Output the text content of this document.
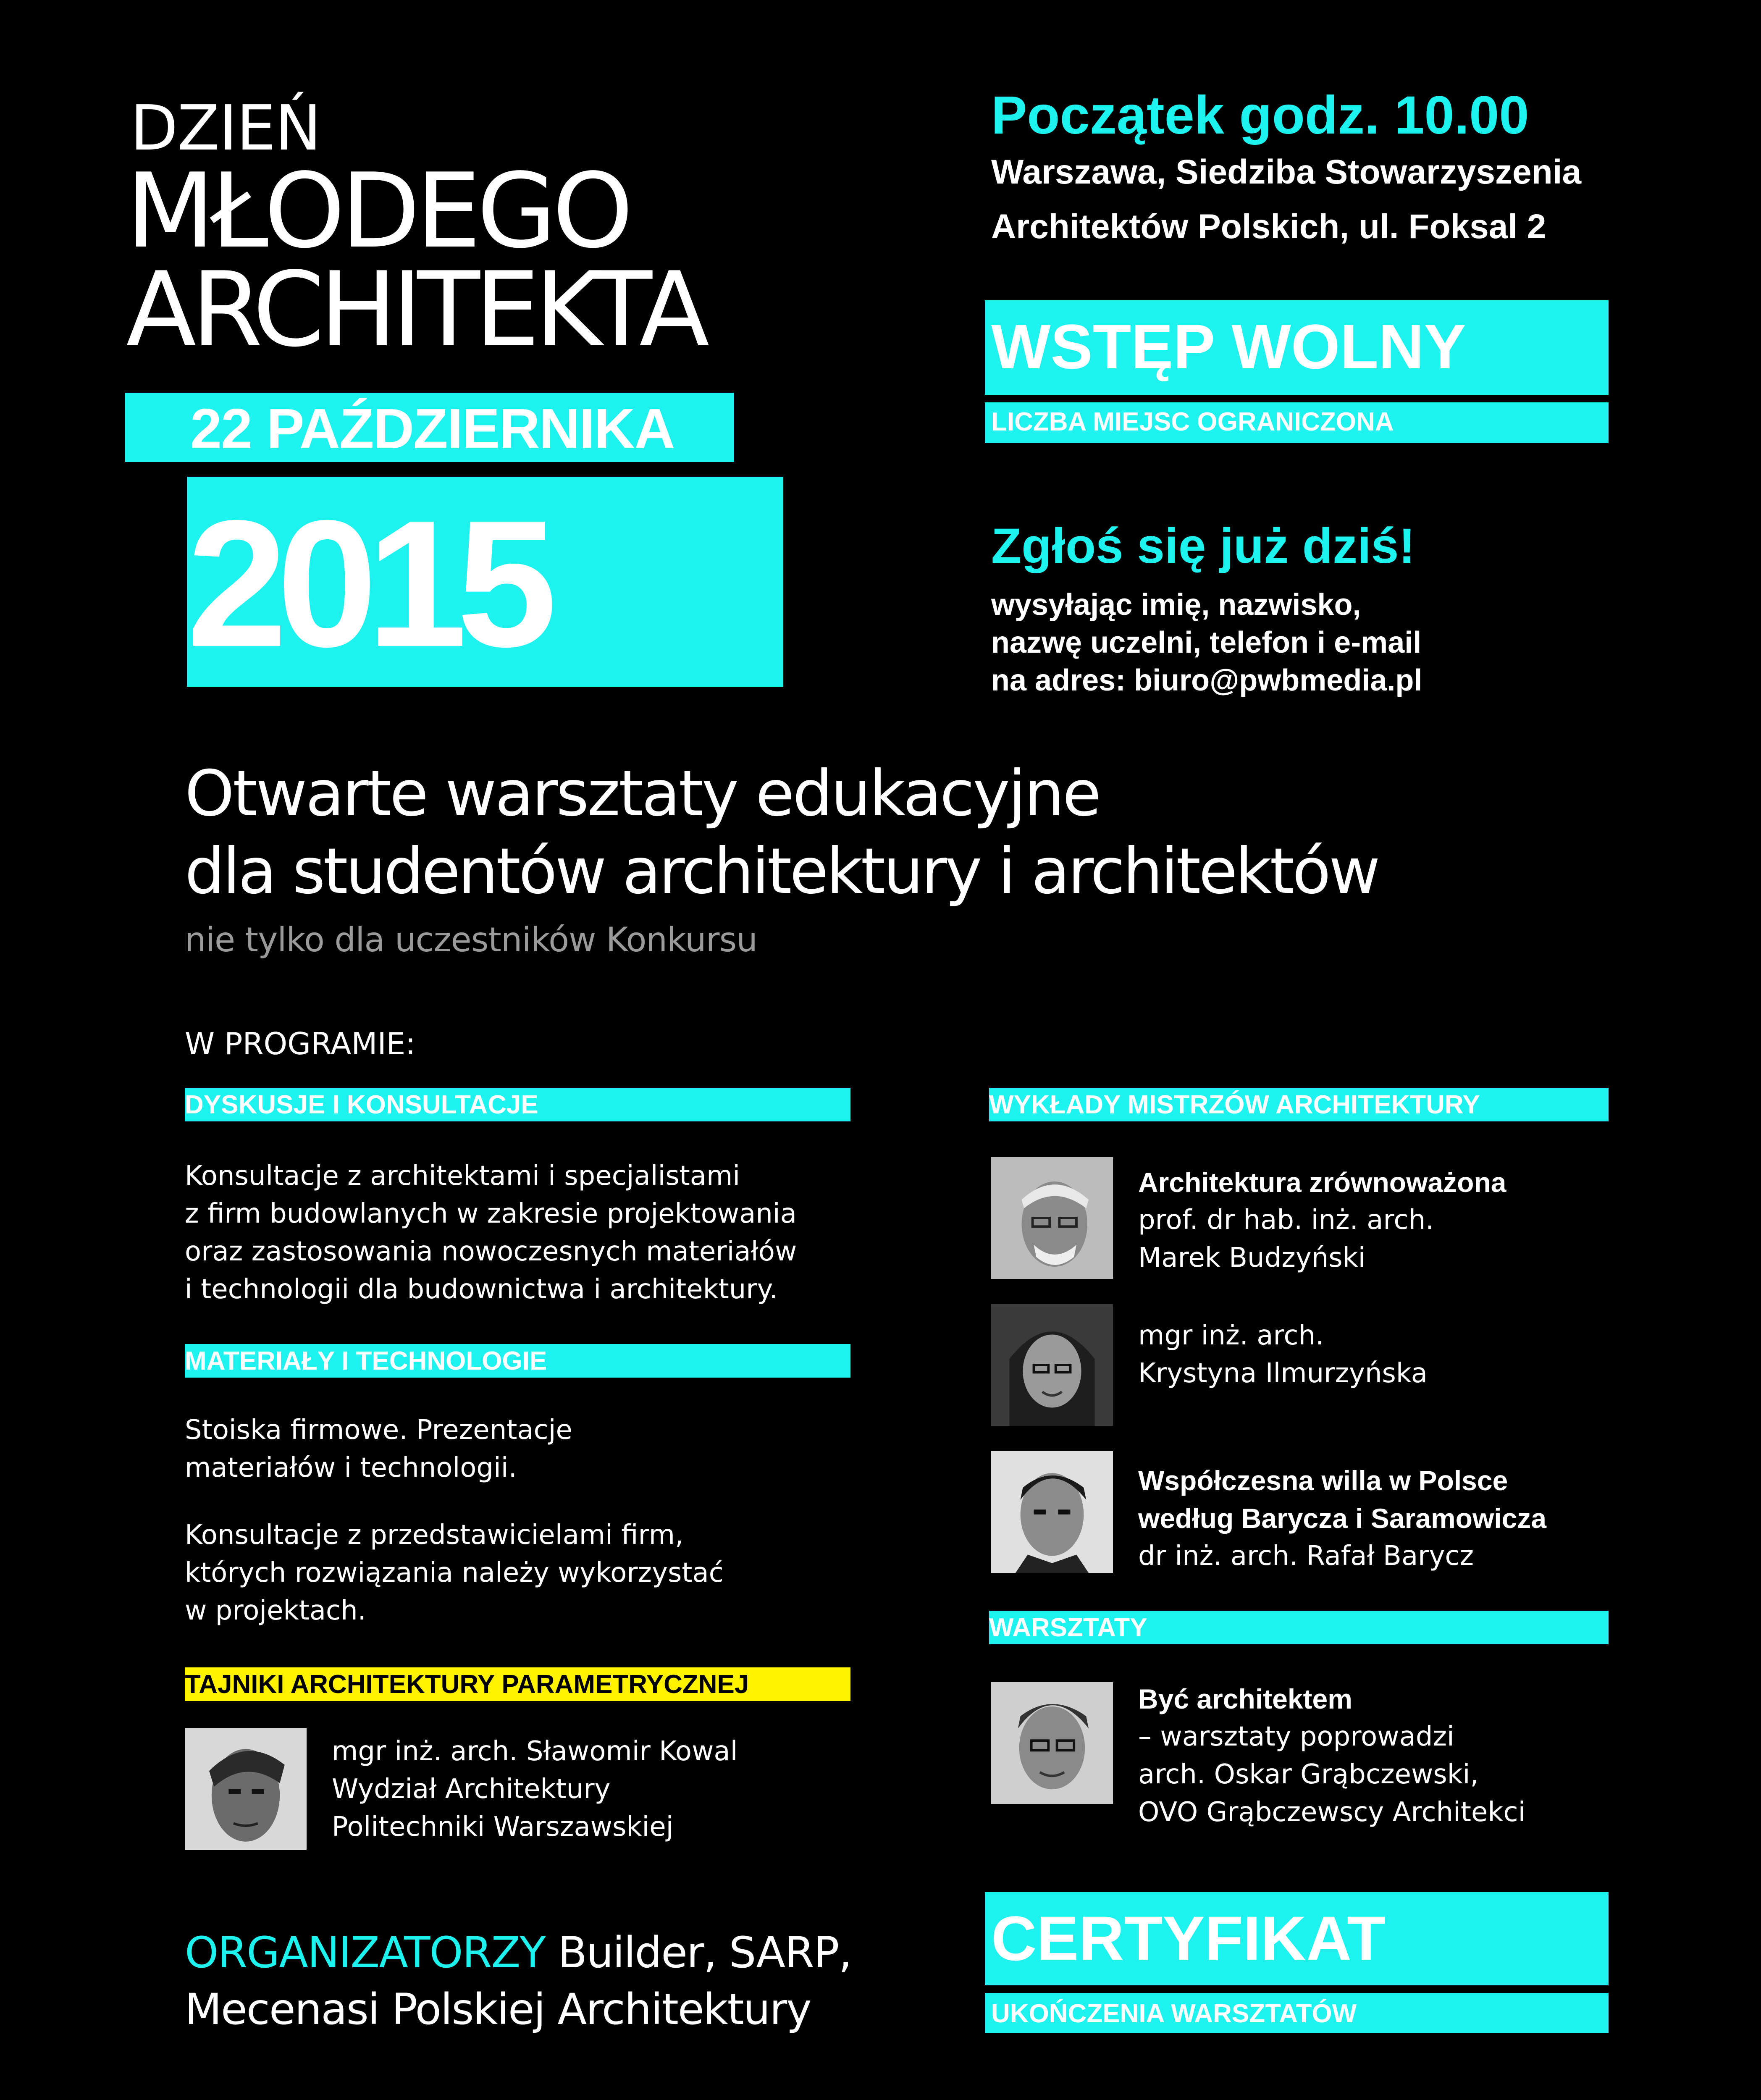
DZIEŃ
MŁODEGO
ARCHITEKTA
22 PAŹDZIERNIKA
2015
Początek godz. 10.00
Warszawa, Siedziba Stowarzyszenia
Architektów Polskich, ul. Foksal 2
WSTĘP WOLNY
LICZBA MIEJSC OGRANICZONA
Zgłoś się już dziś!
wysyłając imię, nazwisko,
nazwę uczelni, telefon i e-mail
na adres: biuro@pwbmedia.pl
Otwarte warsztaty edukacyjne
dla studentów architektury i architektów
nie tylko dla uczestników Konkursu
W PROGRAMIE:
DYSKUSJE I KONSULTACJE
Konsultacje z architektami i specjalistami
z firm budowlanych w zakresie projektowania
oraz zastosowania nowoczesnych materiałów
i technologii dla budownictwa i architektury.
MATERIAŁY I TECHNOLOGIE
Stoiska firmowe. Prezentacje
materiałów i technologii.
Konsultacje z przedstawicielami firm,
których rozwiązania należy wykorzystać
w projektach.
TAJNIKI ARCHITEKTURY PARAMETRYCZNEJ
mgr inż. arch. Sławomir Kowal
Wydział Architektury
Politechniki Warszawskiej
ORGANIZATORZY Builder, SARP,
Mecenasi Polskiej Architektury
WYKŁADY MISTRZÓW ARCHITEKTURY
Architektura zrównoważona
prof. dr hab. inż. arch.
Marek Budzyński
mgr inż. arch.
Krystyna Ilmurzyńska
Współczesna willa w Polsce
według Barycza i Saramowicza
dr inż. arch. Rafał Barycz
WARSZTATY
Być architektem
– warsztaty poprowadzi
arch. Oskar Grąbczewski,
OVO Grąbczewscy Architekci
CERTYFIKAT
UKOŃCZENIA WARSZTATÓW
